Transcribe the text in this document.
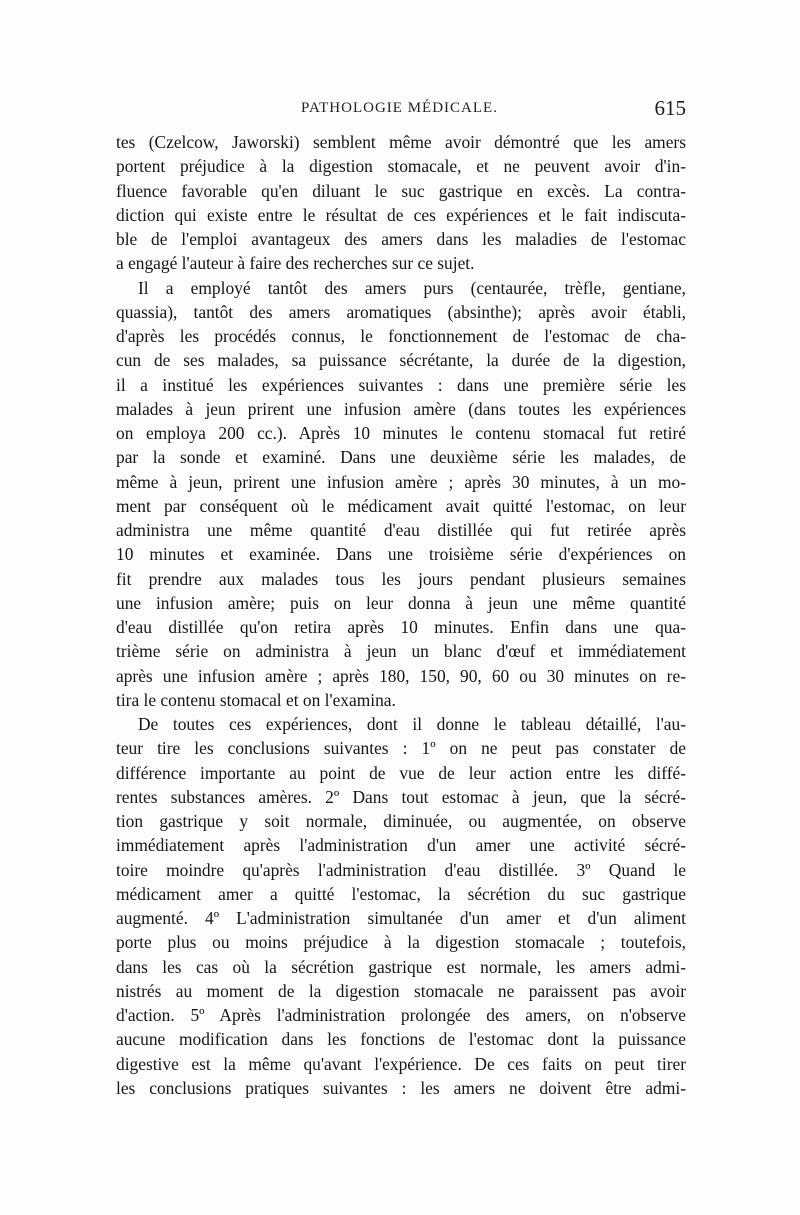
PATHOLOGIE MÉDICALE.	615
tes (Czelcow, Jaworski) semblent même avoir démontré que les amers
portent préjudice à la digestion stomacale, et ne peuvent avoir d'in-
fluence favorable qu'en diluant le suc gastrique en excès. La contra-
diction qui existe entre le résultat de ces expériences et le fait indiscuta-
ble de l'emploi avantageux des amers dans les maladies de l'estomac
a engagé l'auteur à faire des recherches sur ce sujet.
Il a employé tantôt des amers purs (centaurée, trèfle, gentiane,
quassia), tantôt des amers aromatiques (absinthe); après avoir établi,
d'après les procédés connus, le fonctionnement de l'estomac de cha-
cun de ses malades, sa puissance sécrétante, la durée de la digestion,
il a institué les expériences suivantes : dans une première série les
malades à jeun prirent une infusion amère (dans toutes les expériences
on employa 200 cc.). Après 10 minutes le contenu stomacal fut retiré
par la sonde et examiné. Dans une deuxième série les malades, de
même à jeun, prirent une infusion amère ; après 30 minutes, à un mo-
ment par conséquent où le médicament avait quitté l'estomac, on leur
administra une même quantité d'eau distillée qui fut retirée après
10 minutes et examinée. Dans une troisième série d'expériences on
fit prendre aux malades tous les jours pendant plusieurs semaines
une infusion amère; puis on leur donna à jeun une même quantité
d'eau distillée qu'on retira après 10 minutes. Enfin dans une qua-
trième série on administra à jeun un blanc d'œuf et immédiatement
après une infusion amère ; après 180, 150, 90, 60 ou 30 minutes on re-
tira le contenu stomacal et on l'examina.
De toutes ces expériences, dont il donne le tableau détaillé, l'au-
teur tire les conclusions suivantes : 1º on ne peut pas constater de
différence importante au point de vue de leur action entre les diffé-
rentes substances amères. 2º Dans tout estomac à jeun, que la sécré-
tion gastrique y soit normale, diminuée, ou augmentée, on observe
immédiatement après l'administration d'un amer une activité sécré-
toire moindre qu'après l'administration d'eau distillée. 3º Quand le
médicament amer a quitté l'estomac, la sécrétion du suc gastrique
augmenté. 4º L'administration simultanée d'un amer et d'un aliment
porte plus ou moins préjudice à la digestion stomacale ; toutefois,
dans les cas où la sécrétion gastrique est normale, les amers admi-
nistrés au moment de la digestion stomacale ne paraissent pas avoir
d'action. 5º Après l'administration prolongée des amers, on n'observe
aucune modification dans les fonctions de l'estomac dont la puissance
digestive est la même qu'avant l'expérience. De ces faits on peut tirer
les conclusions pratiques suivantes : les amers ne doivent être admi-
